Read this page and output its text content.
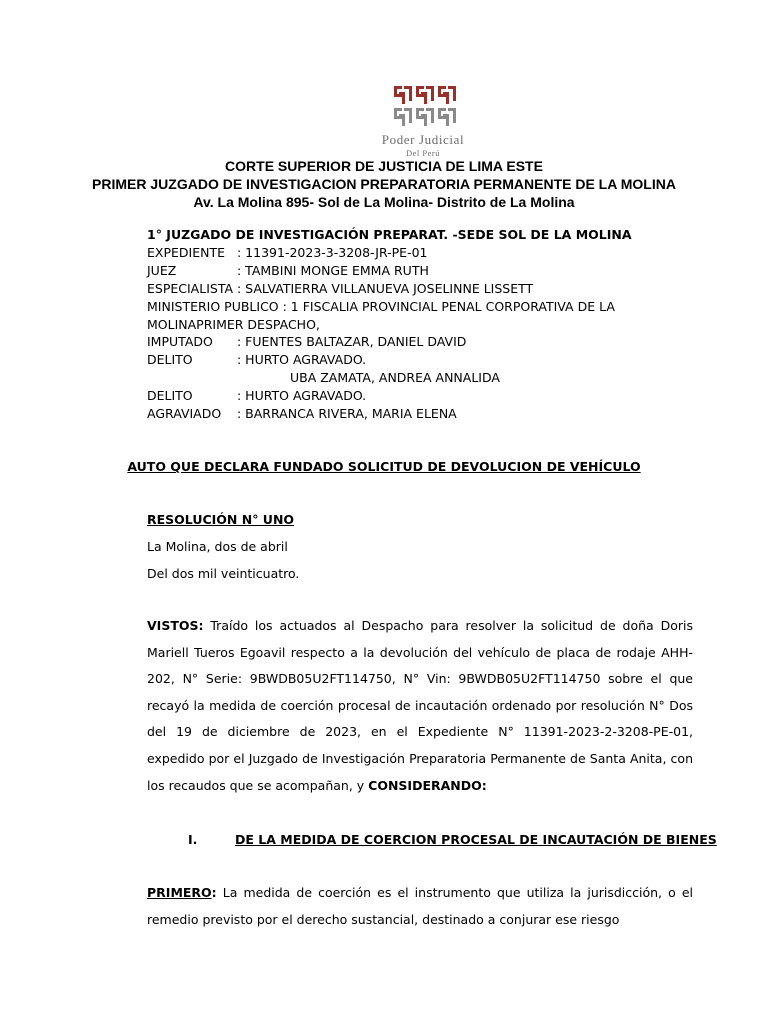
Poder Judicial
Del Perú
CORTE SUPERIOR DE JUSTICIA DE LIMA ESTE
PRIMER JUZGADO DE INVESTIGACION PREPARATORIA PERMANENTE DE LA MOLINA
Av. La Molina 895- Sol de La Molina- Distrito de La Molina
1° JUZGADO DE INVESTIGACIÓN PREPARAT. -SEDE SOL DE LA MOLINA
EXPEDIENTE : 11391-2023-3-3208-JR-PE-01
JUEZ	: TAMBINI MONGE EMMA RUTH
ESPECIALISTA : SALVATIERRA VILLANUEVA JOSELINNE LISSETT
MINISTERIO PUBLICO : 1 FISCALIA PROVINCIAL PENAL CORPORATIVA DE LA
MOLINAPRIMER DESPACHO,
IMPUTADO : FUENTES BALTAZAR, DANIEL DAVID
DELITO	: HURTO AGRAVADO.
UBA ZAMATA, ANDREA ANNALIDA
DELITO	: HURTO AGRAVADO.
AGRAVIADO : BARRANCA RIVERA, MARIA ELENA
AUTO QUE DECLARA FUNDADO SOLICITUD DE DEVOLUCION DE VEHÍCULO
RESOLUCIÓN N° UNO
La Molina, dos de abril
Del dos mil veinticuatro.
VISTOS: Traído los actuados al Despacho para resolver la solicitud de doña Doris Mariell Tueros Egoavil respecto a la devolución del vehículo de placa de rodaje AHH-202, N° Serie: 9BWDB05U2FT114750, N° Vin: 9BWDB05U2FT114750 sobre el que recayó la medida de coerción procesal de incautación ordenado por resolución N° Dos del 19 de diciembre de 2023, en el Expediente N° 11391-2023-2-3208-PE-01, expedido por el Juzgado de Investigación Preparatoria Permanente de Santa Anita, con los recaudos que se acompañan, y CONSIDERANDO:
I.	DE LA MEDIDA DE COERCION PROCESAL DE INCAUTACIÓN DE BIENES
PRIMERO: La medida de coerción es el instrumento que utiliza la jurisdicción, o el remedio previsto por el derecho sustancial, destinado a conjurar ese riesgo
